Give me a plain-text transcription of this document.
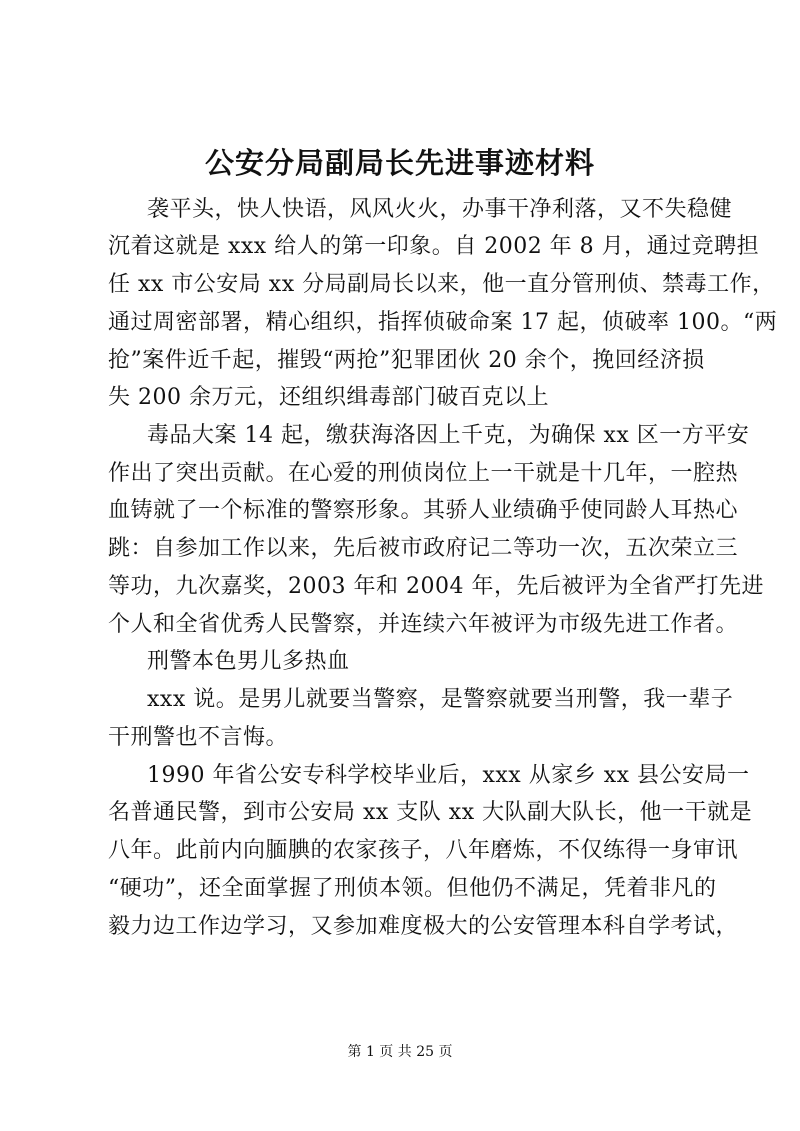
公安分局副局长先进事迹材料
袭平头，快人快语，风风火火，办事干净利落，又不失稳健
沉着这就是 xxx 给人的第一印象。自 2002 年 8 月，通过竞聘担
任 xx 市公安局 xx 分局副局长以来，他一直分管刑侦、禁毒工作，
通过周密部署，精心组织，指挥侦破命案 17 起，侦破率 100。“两
抢”案件近千起，摧毁“两抢”犯罪团伙 20 余个，挽回经济损
失 200 余万元，还组织缉毒部门破百克以上
毒品大案 14 起，缴获海洛因上千克，为确保 xx 区一方平安
作出了突出贡献。在心爱的刑侦岗位上一干就是十几年，一腔热
血铸就了一个标准的警察形象。其骄人业绩确乎使同龄人耳热心
跳：自参加工作以来，先后被市政府记二等功一次，五次荣立三
等功，九次嘉奖，2003 年和 2004 年，先后被评为全省严打先进
个人和全省优秀人民警察，并连续六年被评为市级先进工作者。
刑警本色男儿多热血
xxx 说。是男儿就要当警察，是警察就要当刑警，我一辈子
干刑警也不言悔。
1990 年省公安专科学校毕业后，xxx 从家乡 xx 县公安局一
名普通民警，到市公安局 xx 支队 xx 大队副大队长，他一干就是
八年。此前内向腼腆的农家孩子，八年磨炼，不仅练得一身审讯
“硬功”，还全面掌握了刑侦本领。但他仍不满足，凭着非凡的
毅力边工作边学习，又参加难度极大的公安管理本科自学考试，
第 1 页 共 25 页
